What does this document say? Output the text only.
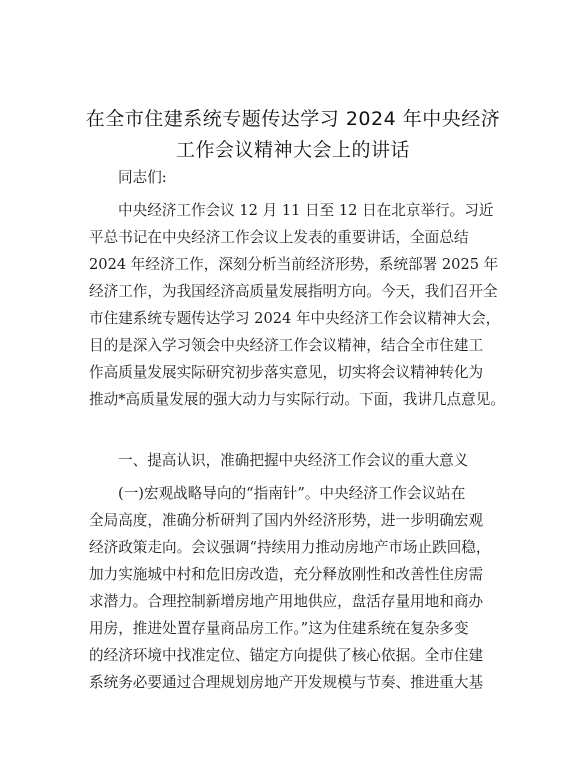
在全市住建系统专题传达学习 2024 年中央经济
工作会议精神大会上的讲话

同志们:

中央经济工作会议 12 月 11 日至 12 日在北京举行。习近

平总书记在中央经济工作会议上发表的重要讲话，全面总结

2024 年经济工作，深刻分析当前经济形势，系统部署 2025 年

经济工作，为我国经济高质量发展指明方向。今天，我们召开全

市住建系统专题传达学习 2024 年中央经济工作会议精神大会，

目的是深入学习领会中央经济工作会议精神，结合全市住建工

作高质量发展实际研究初步落实意见，切实将会议精神转化为

推动*高质量发展的强大动力与实际行动。下面，我讲几点意见。

一、提高认识，准确把握中央经济工作会议的重大意义

(一)宏观战略导向的“指南针”。中央经济工作会议站在

全局高度，准确分析研判了国内外经济形势，进一步明确宏观

经济政策走向。会议强调“持续用力推动房地产市场止跌回稳，

加力实施城中村和危旧房改造，充分释放刚性和改善性住房需

求潜力。合理控制新增房地产用地供应，盘活存量用地和商办

用房，推进处置存量商品房工作。”这为住建系统在复杂多变

的经济环境中找准定位、锚定方向提供了核心依据。全市住建

系统务必要通过合理规划房地产开发规模与节奏、推进重大基
